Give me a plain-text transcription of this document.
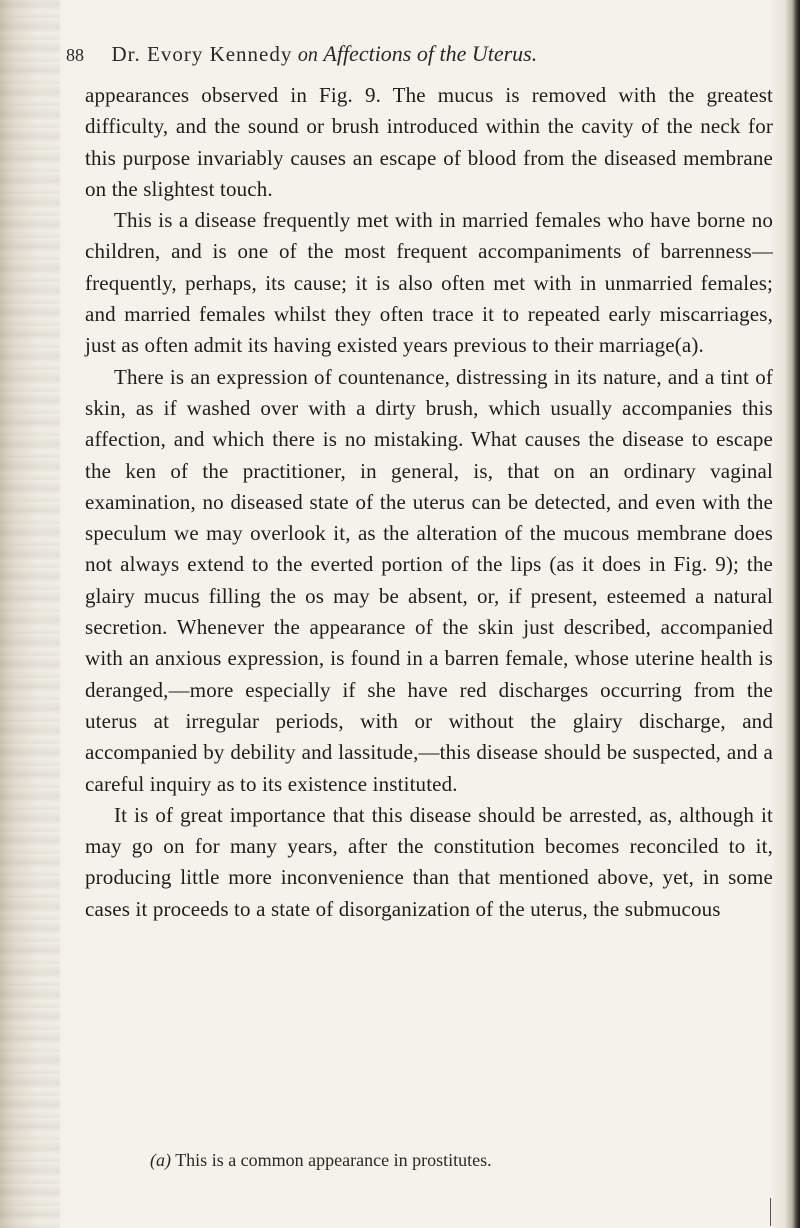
88 Dr. Evory Kennedy on Affections of the Uterus.

appearances observed in Fig. 9. The mucus is removed with the greatest difficulty, and the sound or brush introduced within the cavity of the neck for this purpose invariably causes an escape of blood from the diseased membrane on the slightest touch.

This is a disease frequently met with in married females who have borne no children, and is one of the most frequent accompaniments of barrenness—frequently, perhaps, its cause; it is also often met with in unmarried females; and married females whilst they often trace it to repeated early miscarriages, just as often admit its having existed years previous to their marriage(a).

There is an expression of countenance, distressing in its nature, and a tint of skin, as if washed over with a dirty brush, which usually accompanies this affection, and which there is no mistaking. What causes the disease to escape the ken of the practitioner, in general, is, that on an ordinary vaginal examination, no diseased state of the uterus can be detected, and even with the speculum we may overlook it, as the alteration of the mucous membrane does not always extend to the everted portion of the lips (as it does in Fig. 9); the glairy mucus filling the os may be absent, or, if present, esteemed a natural secretion. Whenever the appearance of the skin just described, accompanied with an anxious expression, is found in a barren female, whose uterine health is deranged,—more especially if she have red discharges occurring from the uterus at irregular periods, with or without the glairy discharge, and accompanied by debility and lassitude,—this disease should be suspected, and a careful inquiry as to its existence instituted.

It is of great importance that this disease should be arrested, as, although it may go on for many years, after the constitution becomes reconciled to it, producing little more inconvenience than that mentioned above, yet, in some cases it proceeds to a state of disorganization of the uterus, the submucous

(a) This is a common appearance in prostitutes.
